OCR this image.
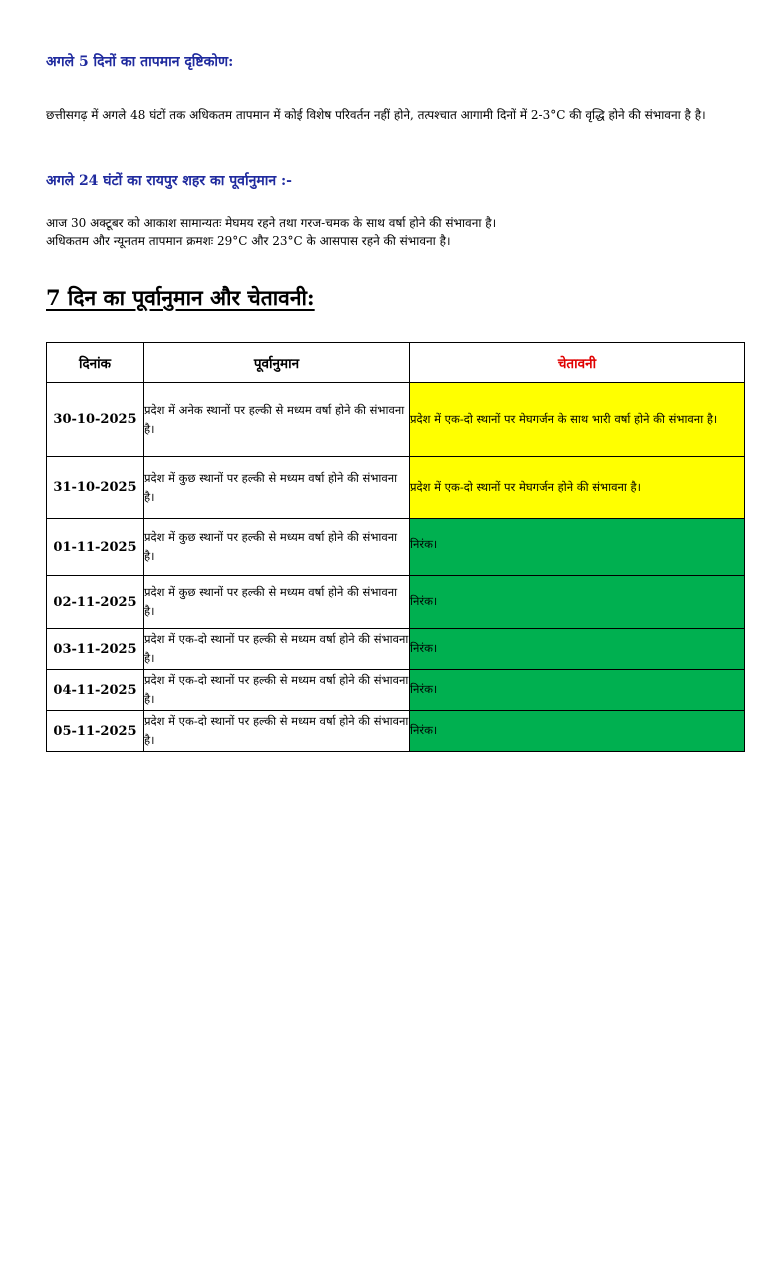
अगले 5 दिनों का तापमान दृष्टिकोण:
छत्तीसगढ़ में अगले 48 घंटों तक अधिकतम तापमान में कोई विशेष परिवर्तन नहीं होने, तत्पश्चात आगामी दिनों में 2-3°C की वृद्धि होने की संभावना है है।
अगले 24 घंटों का रायपुर शहर का पूर्वानुमान :-
आज 30 अक्टूबर को आकाश सामान्यतः मेघमय रहने तथा गरज-चमक के साथ वर्षा होने की संभावना है।
अधिकतम और न्यूनतम तापमान क्रमशः 29°C और 23°C के आसपास रहने की संभावना है।
7 दिन का पूर्वानुमान और चेतावनी:
दिनांक	पूर्वानुमान	चेतावनी
30-10-2025	प्रदेश में अनेक स्थानों पर हल्की से मध्यम वर्षा होने की संभावना है।	प्रदेश में एक-दो स्थानों पर मेघगर्जन के साथ भारी वर्षा होने की संभावना है।
31-10-2025	प्रदेश में कुछ स्थानों पर हल्की से मध्यम वर्षा होने की संभावना है।	प्रदेश में एक-दो स्थानों पर मेघगर्जन होने की संभावना है।
01-11-2025	प्रदेश में कुछ स्थानों पर हल्की से मध्यम वर्षा होने की संभावना है।	निरंक।
02-11-2025	प्रदेश में कुछ स्थानों पर हल्की से मध्यम वर्षा होने की संभावना है।	निरंक।
03-11-2025	प्रदेश में एक-दो स्थानों पर हल्की से मध्यम वर्षा होने की संभावना है।	निरंक।
04-11-2025	प्रदेश में एक-दो स्थानों पर हल्की से मध्यम वर्षा होने की संभावना है।	निरंक।
05-11-2025	प्रदेश में एक-दो स्थानों पर हल्की से मध्यम वर्षा होने की संभावना है।	निरंक।
